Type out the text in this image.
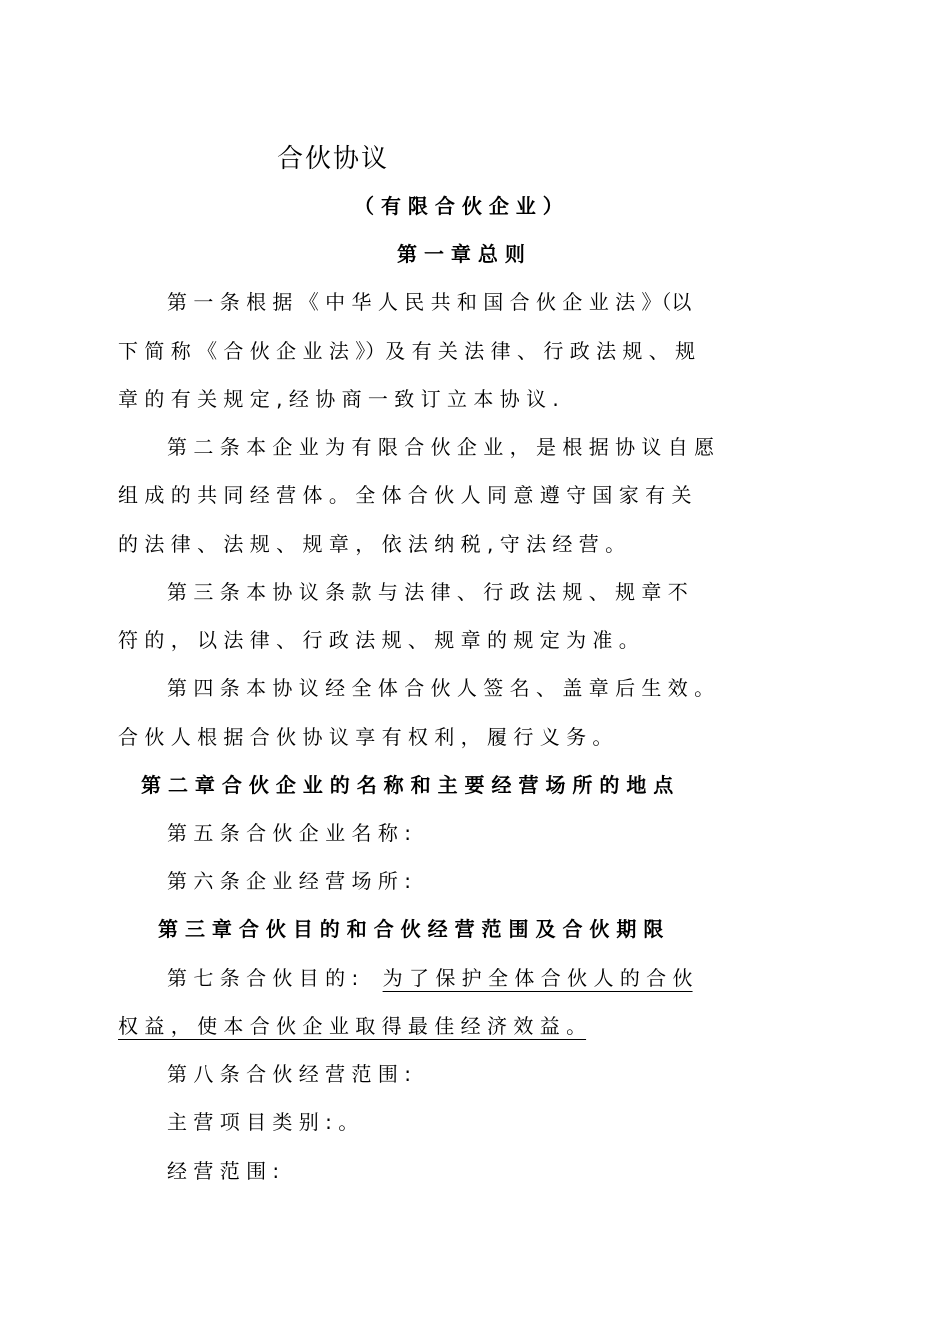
合伙协议
（ 有 限 合 伙 企 业 ）
第 一 章 总 则
第 一 条 根 据 《 中 华 人 民 共 和 国 合 伙 企 业 法 》（以
下 简 称 《 合 伙 企 业 法 》）及 有 关 法 律 、 行 政 法 规 、 规
章 的 有 关 规 定 , 经 协 商 一 致 订 立 本 协 议 .
第 二 条 本 企 业 为 有 限 合 伙 企 业 ， 是 根 据 协 议 自 愿
组 成 的 共 同 经 营 体 。 全 体 合 伙 人 同 意 遵 守 国 家 有 关
的 法 律 、 法 规 、 规 章 ， 依 法 纳 税 , 守 法 经 营 。
第 三 条 本 协 议 条 款 与 法 律 、 行 政 法 规 、 规 章 不
符 的 ， 以 法 律 、 行 政 法 规 、 规 章 的 规 定 为 准 。
第 四 条 本 协 议 经 全 体 合 伙 人 签 名 、 盖 章 后 生 效 。
合 伙 人 根 据 合 伙 协 议 享 有 权 利 ， 履 行 义 务 。
第 二 章 合 伙 企 业 的 名 称 和 主 要 经 营 场 所 的 地 点
第 五 条 合 伙 企 业 名 称 :
第 六 条 企 业 经 营 场 所 :
第 三 章 合 伙 目 的 和 合 伙 经 营 范 围 及 合 伙 期 限
第 七 条 合 伙 目 的 : 为 了 保 护 全 体 合 伙 人 的 合 伙
权 益 ， 使 本 合 伙 企 业 取 得 最 佳 经 济 效 益 。
第 八 条 合 伙 经 营 范 围 :
主 营 项 目 类 别 : 。
经 营 范 围 :
